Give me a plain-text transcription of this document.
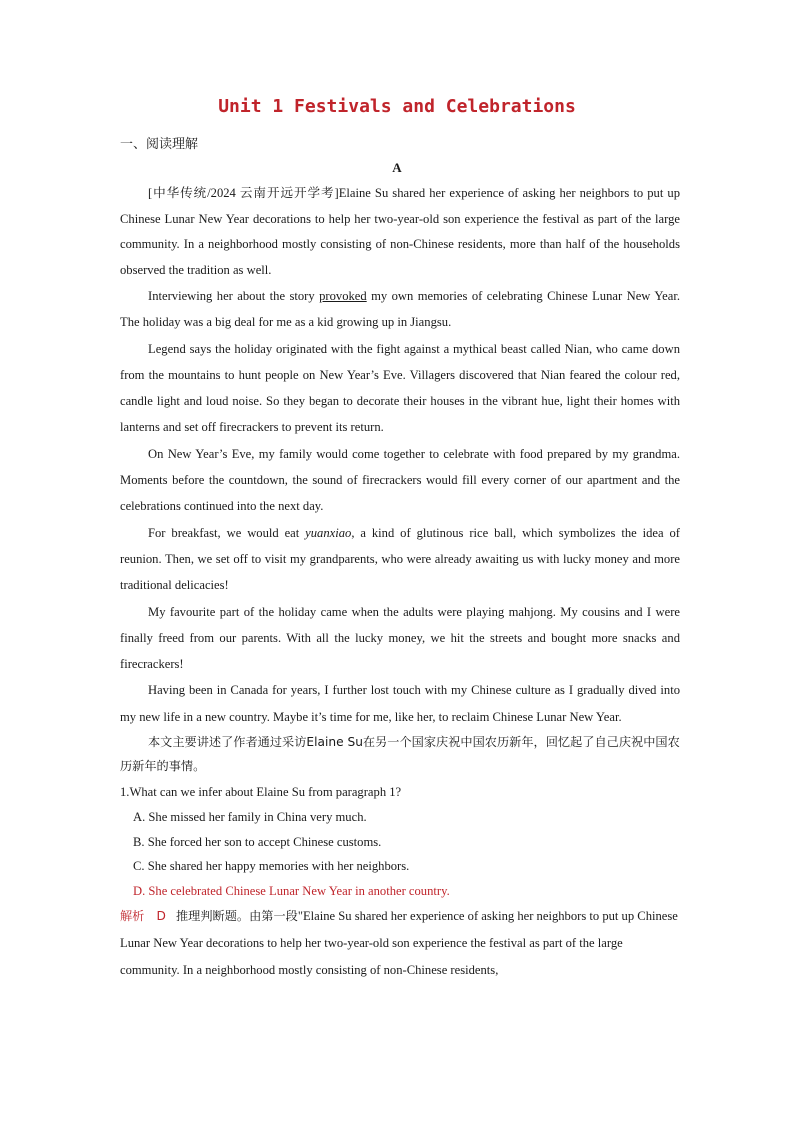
Unit 1 Festivals and Celebrations
一、阅读理解
A

[中华传统/2024 云南开远开学考]Elaine Su shared her experience of asking her neighbors to put up Chinese Lunar New Year decorations to help her two-year-old son experience the festival as part of the large community. In a neighborhood mostly consisting of non-Chinese residents, more than half of the households observed the tradition as well.

Interviewing her about the story provoked my own memories of celebrating Chinese Lunar New Year. The holiday was a big deal for me as a kid growing up in Jiangsu.

Legend says the holiday originated with the fight against a mythical beast called Nian, who came down from the mountains to hunt people on New Year’s Eve. Villagers discovered that Nian feared the colour red, candle light and loud noise. So they began to decorate their houses in the vibrant hue, light their homes with lanterns and set off firecrackers to prevent its return.

On New Year’s Eve, my family would come together to celebrate with food prepared by my grandma. Moments before the countdown, the sound of firecrackers would fill every corner of our apartment and the celebrations continued into the next day.

For breakfast, we would eat yuanxiao, a kind of glutinous rice ball, which symbolizes the idea of reunion. Then, we set off to visit my grandparents, who were already awaiting us with lucky money and more traditional delicacies!

My favourite part of the holiday came when the adults were playing mahjong. My cousins and I were finally freed from our parents. With all the lucky money, we hit the streets and bought more snacks and firecrackers!

Having been in Canada for years, I further lost touch with my Chinese culture as I gradually dived into my new life in a new country. Maybe it’s time for me, like her, to reclaim Chinese Lunar New Year.

本文主要讲述了作者通过采访Elaine Su在另一个国家庆祝中国农历新年，回忆起了自己庆祝中国农历新年的事情。

1.What can we infer about Elaine Su from paragraph 1?

A. She missed her family in China very much.

B. She forced her son to accept Chinese customs.

C. She shared her happy memories with her neighbors.

D. She celebrated Chinese Lunar New Year in another country.

解析　D 推理判断题。由第一段"Elaine Su shared her experience of asking her neighbors to put up Chinese Lunar New Year decorations to help her two-year-old son experience the festival as part of the large community. In a neighborhood mostly consisting of non-Chinese residents,
